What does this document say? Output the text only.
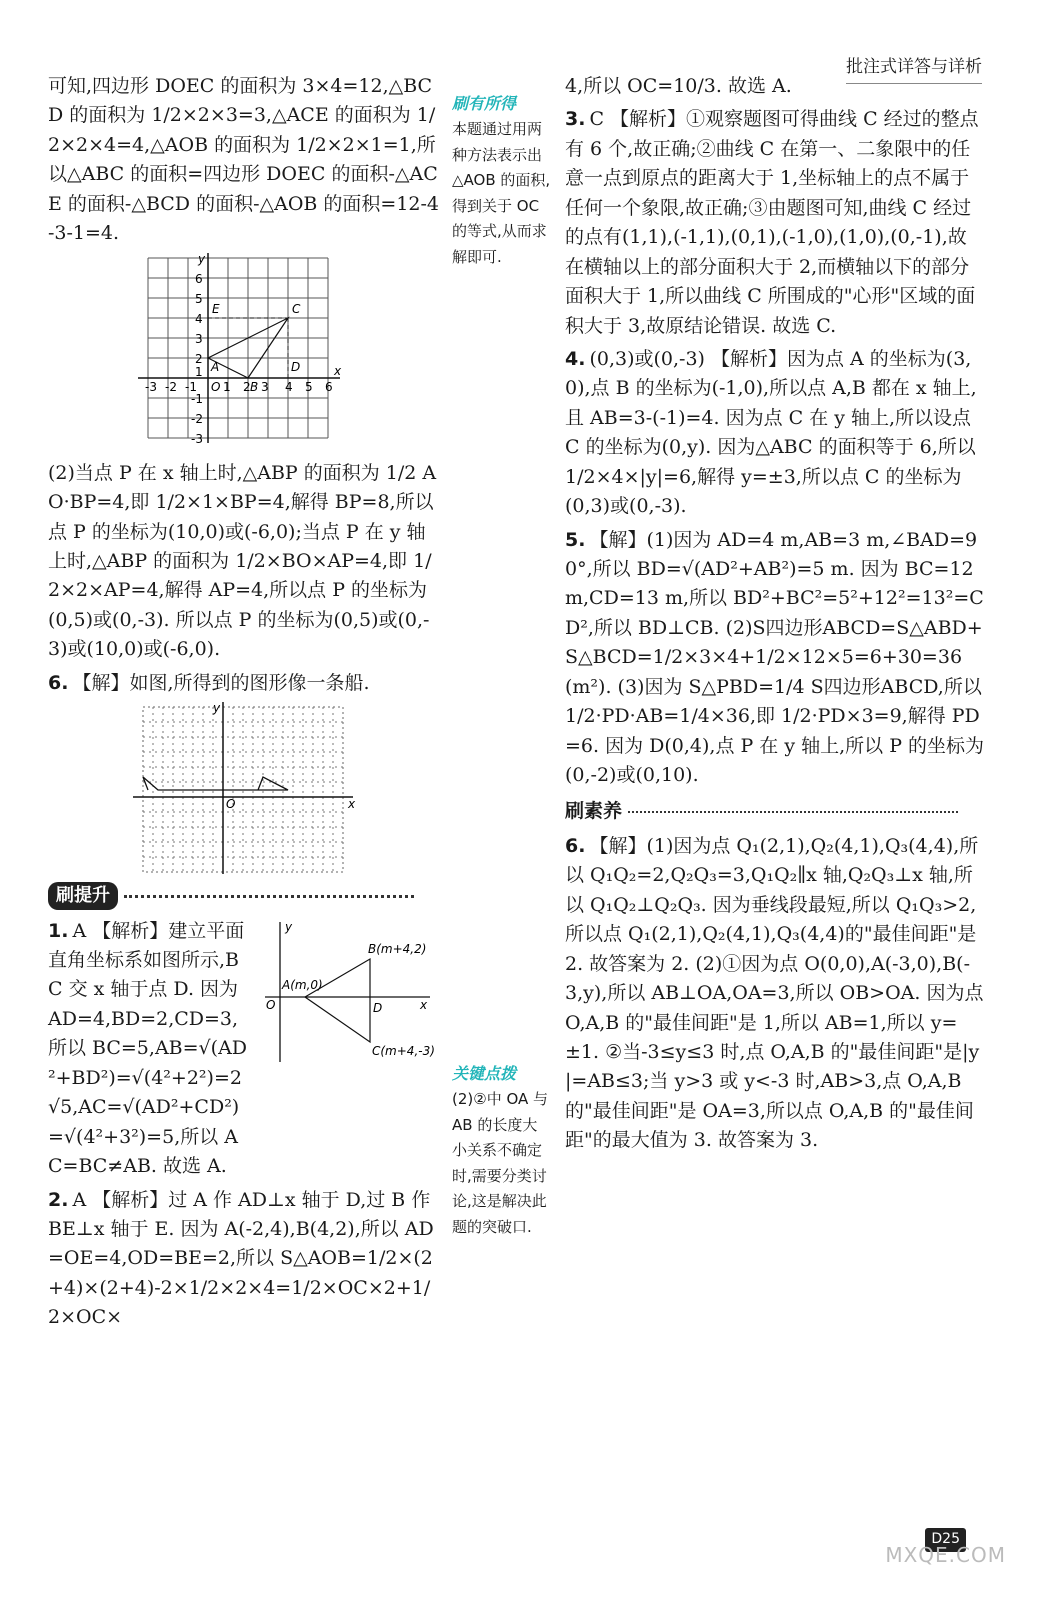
批注式详答与详析

可知,四边形 DOEC 的面积为 3×4=12,△BCD 的面积为 1/2×2×3=3,△ACE 的面积为 1/2×2×4=4,△AOB 的面积为 1/2×2×1=1,所以△ABC 的面积=四边形 DOEC 的面积-△ACE 的面积-△BCD 的面积-△AOB 的面积=12-4-3-1=4.

y
x
6
5
4
3
2
1
-1
-2
-3
-3 -2 -1 O 1 2 B 3 4 5 6
E	C
A	D

(2)当点 P 在 x 轴上时,△ABP 的面积为 1/2 AO·BP=4,即 1/2×1×BP=4,解得 BP=8,所以点 P 的坐标为(10,0)或(-6,0);当点 P 在 y 轴上时,△ABP 的面积为 1/2×BO×AP=4,即 1/2×2×AP=4,解得 AP=4,所以点 P 的坐标为(0,5)或(0,-3). 所以点 P 的坐标为(0,5)或(0,-3)或(10,0)或(-6,0).

6. 【解】如图,所得到的图形像一条船.

y
x
O
刷提升
y
x
O
A(m,0)
B(m+4,2)
C(m+4,-3)
D

1. A 【解析】建立平面直角坐标系如图所示,BC 交 x 轴于点 D. 因为 AD=4,BD=2,CD=3,所以 BC=5,AB=√(AD²+BD²)=√(4²+2²)=2√5,AC=√(AD²+CD²)=√(4²+3²)=5,所以 AC=BC≠AB. 故选 A.

2. A 【解析】过 A 作 AD⊥x 轴于 D,过 B 作 BE⊥x 轴于 E. 因为 A(-2,4),B(4,2),所以 AD=OE=4,OD=BE=2,所以 S△AOB=1/2×(2+4)×(2+4)-2×1/2×2×4=1/2×OC×2+1/2×OC×

刷有所得
本题通过用两种方法表示出△AOB 的面积,得到关于 OC 的等式,从而求解即可.
关键点拨
(2)②中 OA 与 AB 的长度大小关系不确定时,需要分类讨论,这是解决此题的突破口.

4,所以 OC=10/3. 故选 A.

3. C 【解析】①观察题图可得曲线 C 经过的整点有 6 个,故正确;②曲线 C 在第一、二象限中的任意一点到原点的距离大于 1,坐标轴上的点不属于任何一个象限,故正确;③由题图可知,曲线 C 经过的点有(1,1),(-1,1),(0,1),(-1,0),(1,0),(0,-1),故在横轴以上的部分面积大于 2,而横轴以下的部分面积大于 1,所以曲线 C 所围成的"心形"区域的面积大于 3,故原结论错误. 故选 C.

4. (0,3)或(0,-3) 【解析】因为点 A 的坐标为(3,0),点 B 的坐标为(-1,0),所以点 A,B 都在 x 轴上,且 AB=3-(-1)=4. 因为点 C 在 y 轴上,所以设点 C 的坐标为(0,y). 因为△ABC 的面积等于 6,所以 1/2×4×|y|=6,解得 y=±3,所以点 C 的坐标为(0,3)或(0,-3).

5. 【解】(1)因为 AD=4 m,AB=3 m,∠BAD=90°,所以 BD=√(AD²+AB²)=5 m. 因为 BC=12 m,CD=13 m,所以 BD²+BC²=5²+12²=13²=CD²,所以 BD⊥CB. (2)S四边形ABCD=S△ABD+S△BCD=1/2×3×4+1/2×12×5=6+30=36(m²). (3)因为 S△PBD=1/4 S四边形ABCD,所以 1/2·PD·AB=1/4×36,即 1/2·PD×3=9,解得 PD=6. 因为 D(0,4),点 P 在 y 轴上,所以 P 的坐标为(0,-2)或(0,10).

刷素养

6. 【解】(1)因为点 Q₁(2,1),Q₂(4,1),Q₃(4,4),所以 Q₁Q₂=2,Q₂Q₃=3,Q₁Q₂∥x 轴,Q₂Q₃⊥x 轴,所以 Q₁Q₂⊥Q₂Q₃. 因为垂线段最短,所以 Q₁Q₃>2,所以点 Q₁(2,1),Q₂(4,1),Q₃(4,4)的"最佳间距"是 2. 故答案为 2. (2)①因为点 O(0,0),A(-3,0),B(-3,y),所以 AB⊥OA,OA=3,所以 OB>OA. 因为点 O,A,B 的"最佳间距"是 1,所以 AB=1,所以 y=±1. ②当-3≤y≤3 时,点 O,A,B 的"最佳间距"是|y|=AB≤3;当 y>3 或 y<-3 时,AB>3,点 O,A,B 的"最佳间距"是 OA=3,所以点 O,A,B 的"最佳间距"的最大值为 3. 故答案为 3.

D25
MXQE.COM
